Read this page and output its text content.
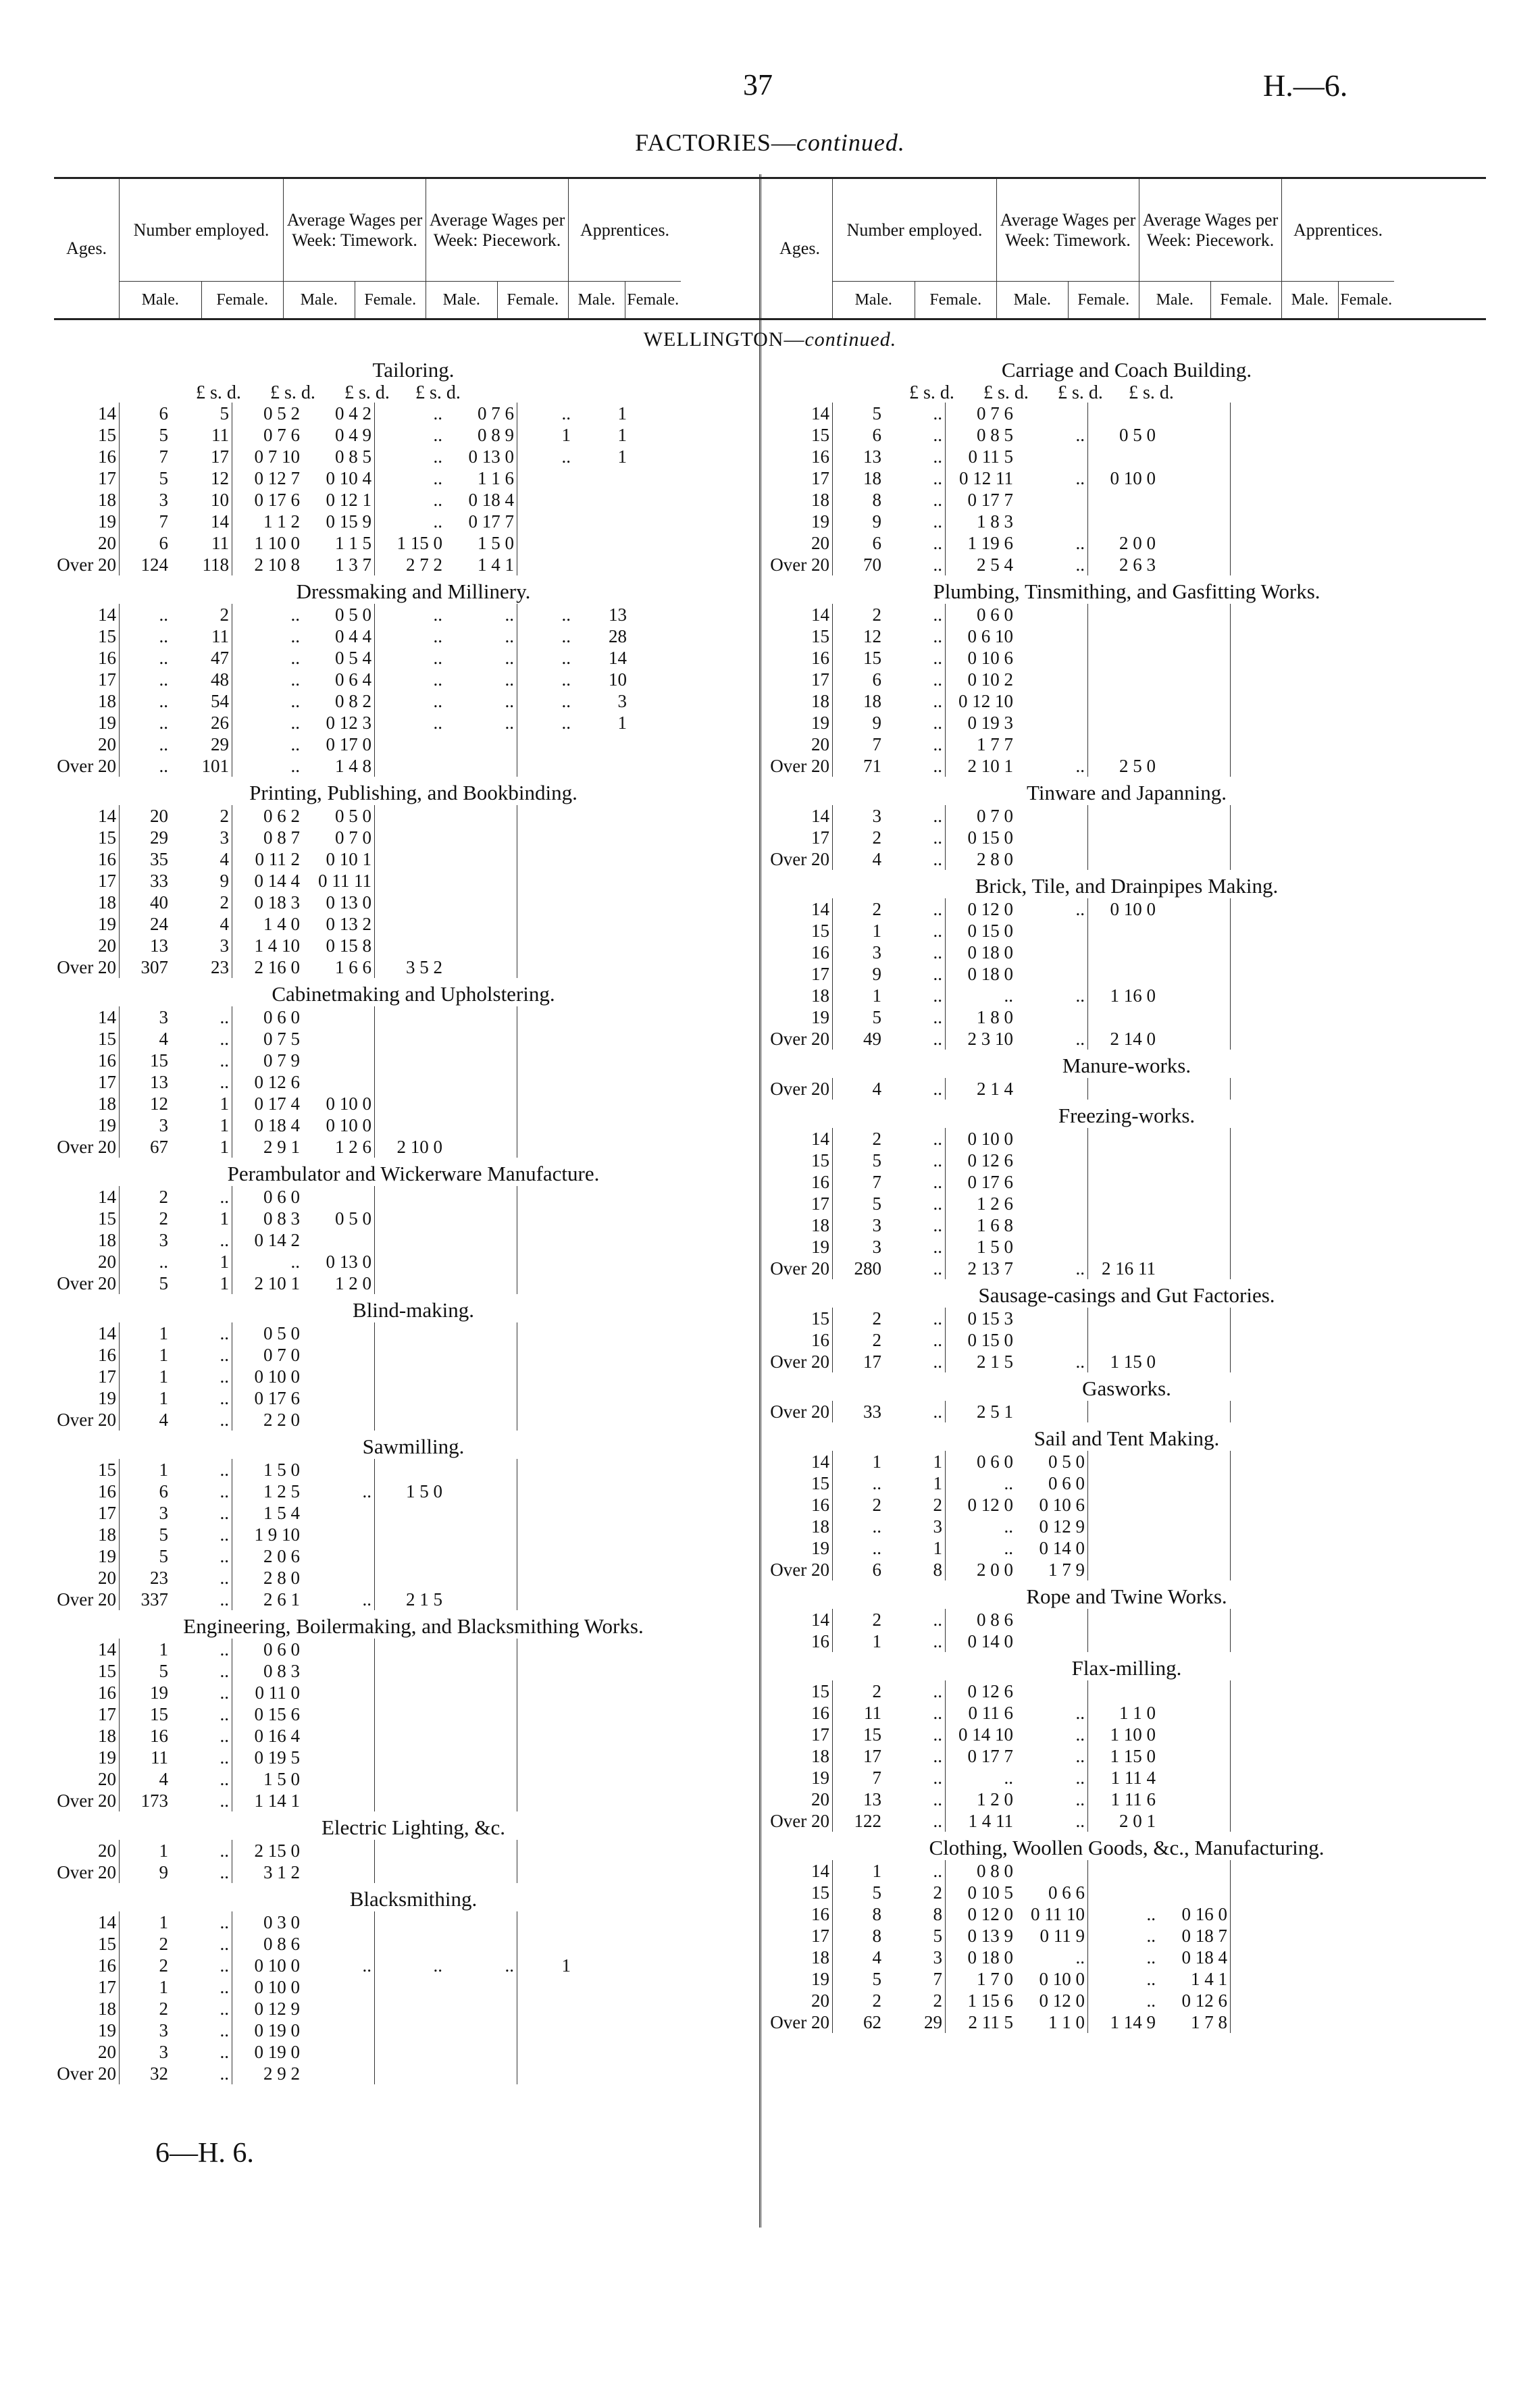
37	H.—6.
FACTORIES—continued.
Ages.
Number employed.
Male.	Female.
Average Wages per Week: Timework.
Male.	Female.
Average Wages per Week: Piecework.
Male.	Female.
Apprentices.
Male. Female.
WELLINGTON—continued.
Tailoring.
£ s. d. £ s. d. £ s. d. £ s. d.
14	6	5	0 5 2	0 4 2	..	0 7 6	..	1
15	5	11	0 7 6	0 4 9	..	0 8 9	1	1
16	7	17	0 7 10	0 8 5	..	0 13 0	..	1
17	5	12	0 12 7	0 10 4	..	1 1 6		
18	3	10	0 17 6	0 12 1	..	0 18 4		
19	7	14	1 1 2	0 15 9	..	0 17 7		
20	6	11	1 10 0	1 1 5	1 15 0	1 5 0		
Over 20	124	118	2 10 8	1 3 7	2 7 2	1 4 1		
Dressmaking and Millinery.
14	..	2	..	0 5 0	..	..	..	13
15	..	11	..	0 4 4	..	..	..	28
16	..	47	..	0 5 4	..	..	..	14
17	..	48	..	0 6 4	..	..	..	10
18	..	54	..	0 8 2	..	..	..	3
19	..	26	..	0 12 3	..	..	..	1
20	..	29	..	0 17 0				
Over 20	..	101	..	1 4 8				
Printing, Publishing, and Bookbinding.
14	20	2	0 6 2	0 5 0				
15	29	3	0 8 7	0 7 0				
16	35	4	0 11 2	0 10 1				
17	33	9	0 14 4	0 11 11				
18	40	2	0 18 3	0 13 0				
19	24	4	1 4 0	0 13 2				
20	13	3	1 4 10	0 15 8				
Over 20	307	23	2 16 0	1 6 6	3 5 2			
Cabinetmaking and Upholstering.
14	3	..	0 6 0					
15	4	..	0 7 5					
16	15	..	0 7 9					
17	13	..	0 12 6					
18	12	1	0 17 4	0 10 0				
19	3	1	0 18 4	0 10 0				
Over 20	67	1	2 9 1	1 2 6	2 10 0			
Perambulator and Wickerware Manufacture.
14	2	..	0 6 0					
15	2	1	0 8 3	0 5 0				
18	3	..	0 14 2					
20	..	1	..	0 13 0				
Over 20	5	1	2 10 1	1 2 0				
Blind-making.
14	1	..	0 5 0					
16	1	..	0 7 0					
17	1	..	0 10 0					
19	1	..	0 17 6					
Over 20	4	..	2 2 0					
Sawmilling.
15	1	..	1 5 0					
16	6	..	1 2 5	..	1 5 0			
17	3	..	1 5 4					
18	5	..	1 9 10					
19	5	..	2 0 6					
20	23	..	2 8 0					
Over 20	337	..	2 6 1	..	2 1 5			
Engineering, Boilermaking, and Blacksmithing Works.
14	1	..	0 6 0					
15	5	..	0 8 3					
16	19	..	0 11 0					
17	15	..	0 15 6					
18	16	..	0 16 4					
19	11	..	0 19 5					
20	4	..	1 5 0					
Over 20	173	..	1 14 1					
Electric Lighting, &c.
20	1	..	2 15 0					
Over 20	9	..	3 1 2					
Blacksmithing.
14	1	..	0 3 0					
15	2	..	0 8 6					
16	2	..	0 10 0	..	..	..	1	
17	1	..	0 10 0					
18	2	..	0 12 9					
19	3	..	0 19 0					
20	3	..	0 19 0					
Over 20	32	..	2 9 2					
Ages.
Number employed.
Male.	Female.
Average Wages per Week: Timework.
Male.	Female.
Average Wages per Week: Piecework.
Male.	Female.
Apprentices.
Male. Female.
Carriage and Coach Building.
£ s. d. £ s. d. £ s. d. £ s. d.
14	5	..	0 7 6					
15	6	..	0 8 5	..	0 5 0			
16	13	..	0 11 5					
17	18	..	0 12 11	..	0 10 0			
18	8	..	0 17 7					
19	9	..	1 8 3					
20	6	..	1 19 6	..	2 0 0			
Over 20	70	..	2 5 4	..	2 6 3			
Plumbing, Tinsmithing, and Gasfitting Works.
14	2	..	0 6 0					
15	12	..	0 6 10					
16	15	..	0 10 6					
17	6	..	0 10 2					
18	18	..	0 12 10					
19	9	..	0 19 3					
20	7	..	1 7 7					
Over 20	71	..	2 10 1	..	2 5 0			
Tinware and Japanning.
14	3	..	0 7 0					
17	2	..	0 15 0					
Over 20	4	..	2 8 0					
Brick, Tile, and Drainpipes Making.
14	2	..	0 12 0	..	0 10 0			
15	1	..	0 15 0					
16	3	..	0 18 0					
17	9	..	0 18 0					
18	1	..	..	..	1 16 0			
19	5	..	1 8 0					
Over 20	49	..	2 3 10	..	2 14 0			
Manure-works.
Over 20	4	..	2 1 4					
Freezing-works.
14	2	..	0 10 0					
15	5	..	0 12 6					
16	7	..	0 17 6					
17	5	..	1 2 6					
18	3	..	1 6 8					
19	3	..	1 5 0					
Over 20	280	..	2 13 7	..	2 16 11			
Sausage-casings and Gut Factories.
15	2	..	0 15 3					
16	2	..	0 15 0					
Over 20	17	..	2 1 5	..	1 15 0			
Gasworks.
Over 20	33	..	2 5 1					
Sail and Tent Making.
14	1	1	0 6 0	0 5 0				
15	..	1	..	0 6 0				
16	2	2	0 12 0	0 10 6				
18	..	3	..	0 12 9				
19	..	1	..	0 14 0				
Over 20	6	8	2 0 0	1 7 9				
Rope and Twine Works.
14	2	..	0 8 6					
16	1	..	0 14 0					
Flax-milling.
15	2	..	0 12 6					
16	11	..	0 11 6	..	1 1 0			
17	15	..	0 14 10	..	1 10 0			
18	17	..	0 17 7	..	1 15 0			
19	7	..	..	..	1 11 4			
20	13	..	1 2 0	..	1 11 6			
Over 20	122	..	1 4 11	..	2 0 1			
Clothing, Woollen Goods, &c., Manufacturing.
14	1	..	0 8 0					
15	5	2	0 10 5	0 6 6				
16	8	8	0 12 0	0 11 10	..	0 16 0		
17	8	5	0 13 9	0 11 9	..	0 18 7		
18	4	3	0 18 0	..	..	0 18 4		
19	5	7	1 7 0	0 10 0	..	1 4 1		
20	2	2	1 15 6	0 12 0	..	0 12 6		
Over 20	62	29	2 11 5	1 1 0	1 14 9	1 7 8		
6—H. 6.
